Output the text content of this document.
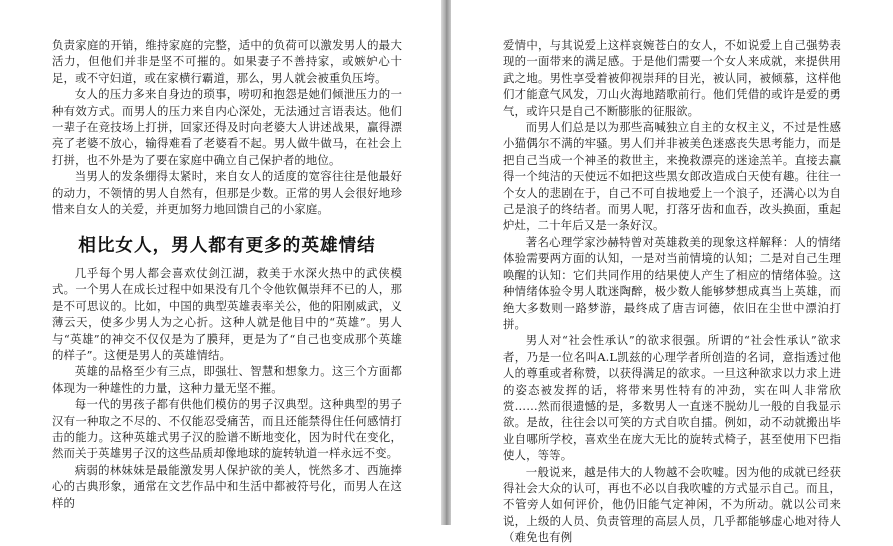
负责家庭的开销，维持家庭的完整，适中的负荷可以激发男人的最大活力，但他们并非是坚不可摧的。如果妻子不善持家，或嫉妒心十足，或不守妇道，或在家横行霸道，那么，男人就会被重负压垮。

女人的压力多来自身边的琐事，唠叨和抱怨是她们倾泄压力的一种有效方式。而男人的压力来自内心深处，无法通过言语表达。他们一辈子在竞技场上打拼，回家还得及时向老婆大人讲述战果，赢得漂亮了老婆不放心，输得难看了老婆看不起。男人做牛做马，在社会上打拼，也不外是为了要在家庭中确立自己保护者的地位。

当男人的发条绷得太紧时，来自女人的适度的宽容往往是他最好的动力，不领情的男人自然有，但那是少数。正常的男人会很好地珍惜来自女人的关爱，并更加努力地回馈自己的小家庭。

相比女人，男人都有更多的英雄情结

几乎每个男人都会喜欢仗剑江湖，救美于水深火热中的武侠模式。一个男人在成长过程中如果没有几个令他钦佩崇拜不已的人，那是不可思议的。比如，中国的典型英雄表率关公，他的阳刚威武，义薄云天，使多少男人为之心折。这种人就是他目中的“英雄”。男人与“英雄”的神交不仅仅是为了膜拜，更是为了“自己也变成那个英雄的样子”。这便是男人的英雄情结。

英雄的品格至少有三点，即强壮、智慧和想象力。这三个方面都体现为一种雄性的力量，这种力量无坚不摧。

每一代的男孩子都有供他们模仿的男子汉典型。这种典型的男子汉有一种取之不尽的、不仅能忍受痛苦，而且还能禁得住任何感情打击的能力。这种英雄式男子汉的脸谱不断地变化，因为时代在变化，然而关于英雄男子汉的这些品质却像地球的旋转轨道一样永远不变。

病弱的林妹妹是最能激发男人保护欲的美人，恍然多才、西施捧心的古典形象，通常在文艺作品中和生活中都被符号化，而男人在这样的

爱情中，与其说爱上这样哀婉苍白的女人，不如说爱上自己强势表现的一面带来的满足感。于是他们需要一个女人来成就，来提供用武之地。男性享受着被仰视崇拜的目光，被认同，被倾慕，这样他们才能意气风发，刀山火海地踏歌前行。他们凭借的或许是爱的勇气，或许只是自己不断膨胀的征服欲。

而男人们总是以为那些高喊独立自主的女权主义，不过是性感小猫偶尔不满的牢骚。男人们并非被美色迷惑丧失思考能力，而是把自己当成一个神圣的救世主，来挽救漂亮的迷途羔羊。直接去赢得一个纯洁的天使远不如把这些黑女郎改造成白天使有趣。往往一个女人的悲剧在于，自己不可自拔地爱上一个浪子，还满心以为自己是浪子的终结者。而男人呢，打落牙齿和血吞，改头换面，重起炉灶，二十年后又是一条好汉。

著名心理学家沙赫特曾对英雄救美的现象这样解释：人的情绪体验需要两方面的认知，一是对当前情境的认知；二是对自己生理唤醒的认知：它们共同作用的结果使人产生了相应的情绪体验。这种情绪体验令男人耽迷陶醉，极少数人能够梦想成真当上英雄，而绝大多数则一路梦游，最终成了唐吉诃德，依旧在尘世中漂泊打拼。

男人对“社会性承认”的欲求很强。所谓的“社会性承认”欲求者，乃是一位名叫A.L凯兹的心理学者所创造的名词，意指透过他人的尊重或者称赞，以获得满足的欲求。一旦这种欲求以力求上进的姿态被发挥的话，将带来男性特有的冲劲，实在叫人非常欣赏……然而很遗憾的是，多数男人一直迷不脱幼儿一般的自我显示欲。是故，往往会以可笑的方式自吹自擂。例如，动不动就搬出毕业自哪所学校，喜欢坐在庞大无比的旋转式椅子，甚至使用下巴指使人，等等。

一般说来，越是伟大的人物越不会吹嘘。因为他的成就已经获得社会大众的认可，再也不必以自我吹嘘的方式显示自己。而且，不管旁人如何评价，他仍旧能气定神闲，不为所动。就以公司来说，上级的人员、负责管理的高层人员，几乎都能够虚心地对待人（难免也有例
